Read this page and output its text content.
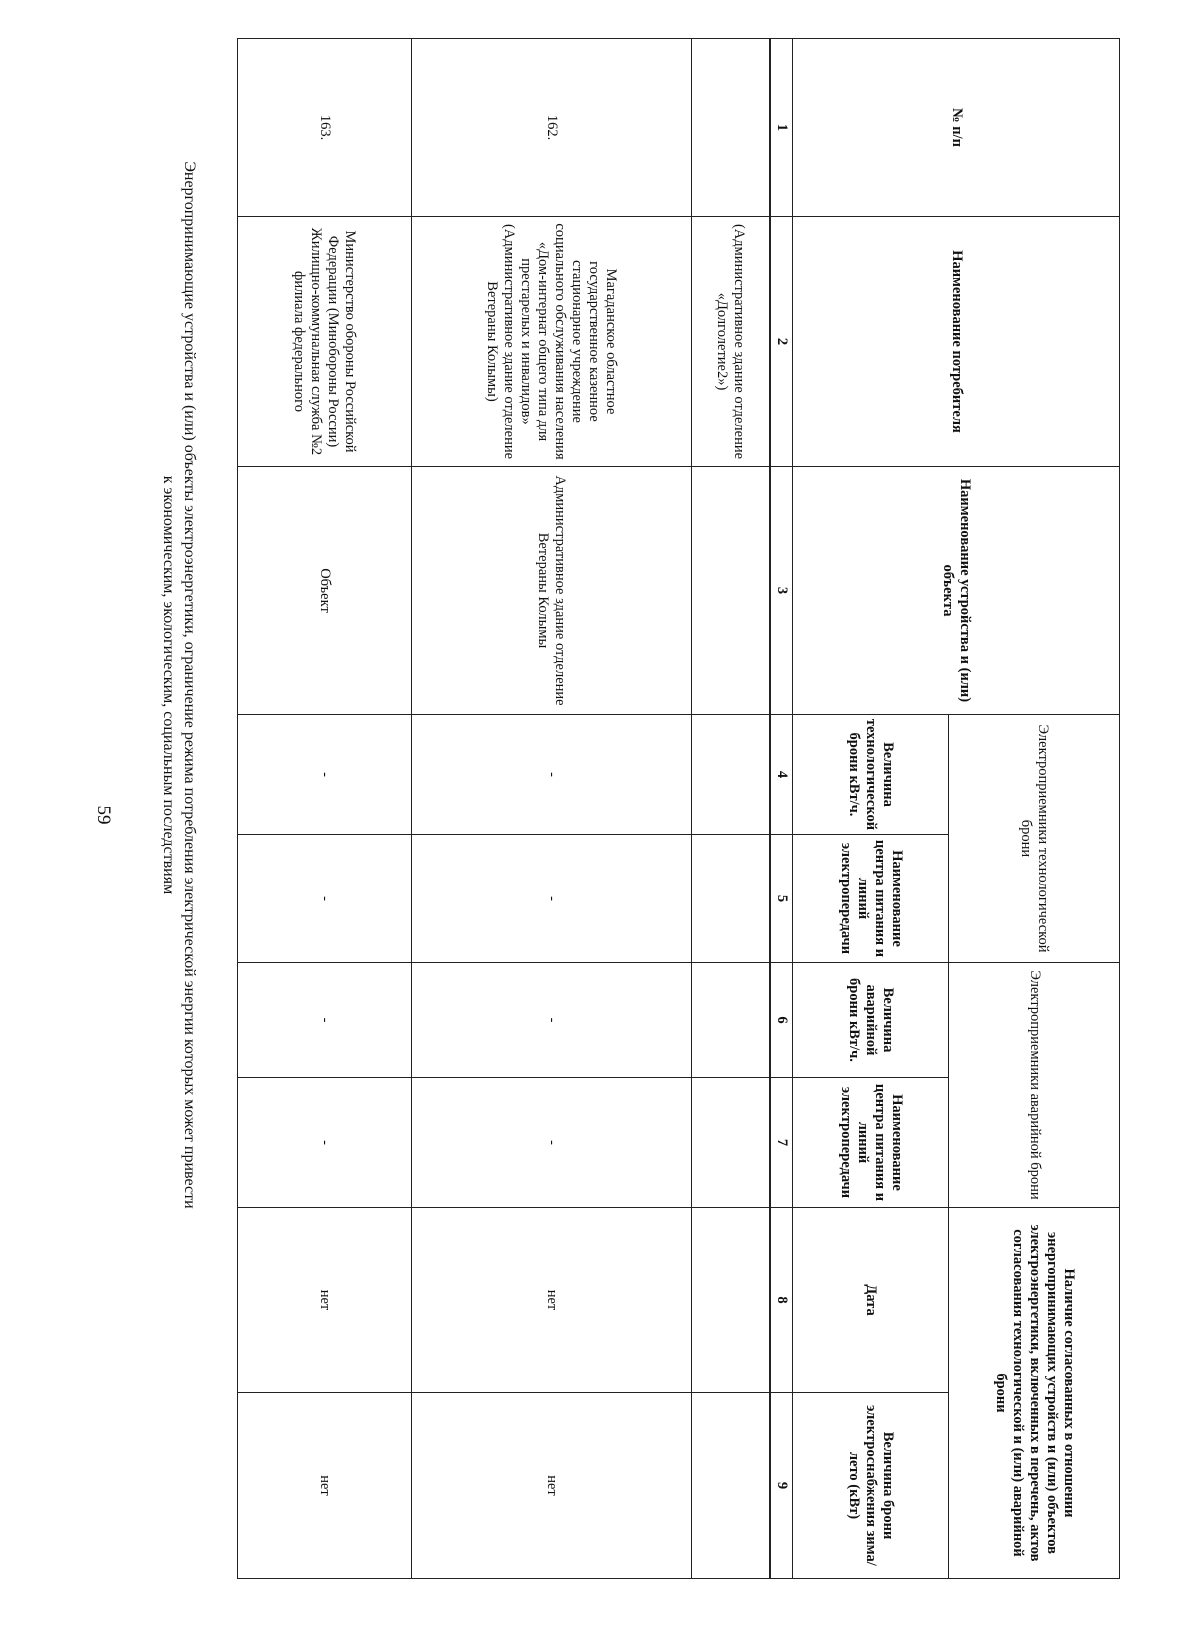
59	Энергопринимающие устройства и (или) объекты электроэнергетики, ограничение режима потребления электрической энергии которых может привести к экономическим, экологическим, социальным последствиям
	(Административное здание отделение «Долголетие2»)							
162.	Магаданское областное государственное казенное стационарное учреждение социального обслуживания населения «Дом-интернат общего типа для престарелых и инвалидов» (Административное здание отделение Ветераны Колымы)	Административное здание отделение Ветераны Колымы	-	-	-	-	нет	нет
163.	Министерство обороны Российской Федерации (Минобороны России) Жилищно-коммунальная служба №2 филиала федерального	Объект	-	-	-	-	нет	нет
№ п/п	Наименование потребителя	Наименование устройства и (или) объекта	Электроприемники технологической брони		Электроприемники аварийной брони		Наличие согласованных в отношении энергопринимающих устройств и (или) объектов электроэнергетики, включенных в перечень, актов согласования технологической и (или) аварийной брони	
			Величина технологической брони кВт/ч.	Наименование центра питания и линий электропередачи	Величина аварийной брони кВт/ч.	Наименование центра питания и линий электропередачи	Дата	Величина брони электроснабжения зима/лето (кВт)
1	2	3	4	5	6	7	8	9
